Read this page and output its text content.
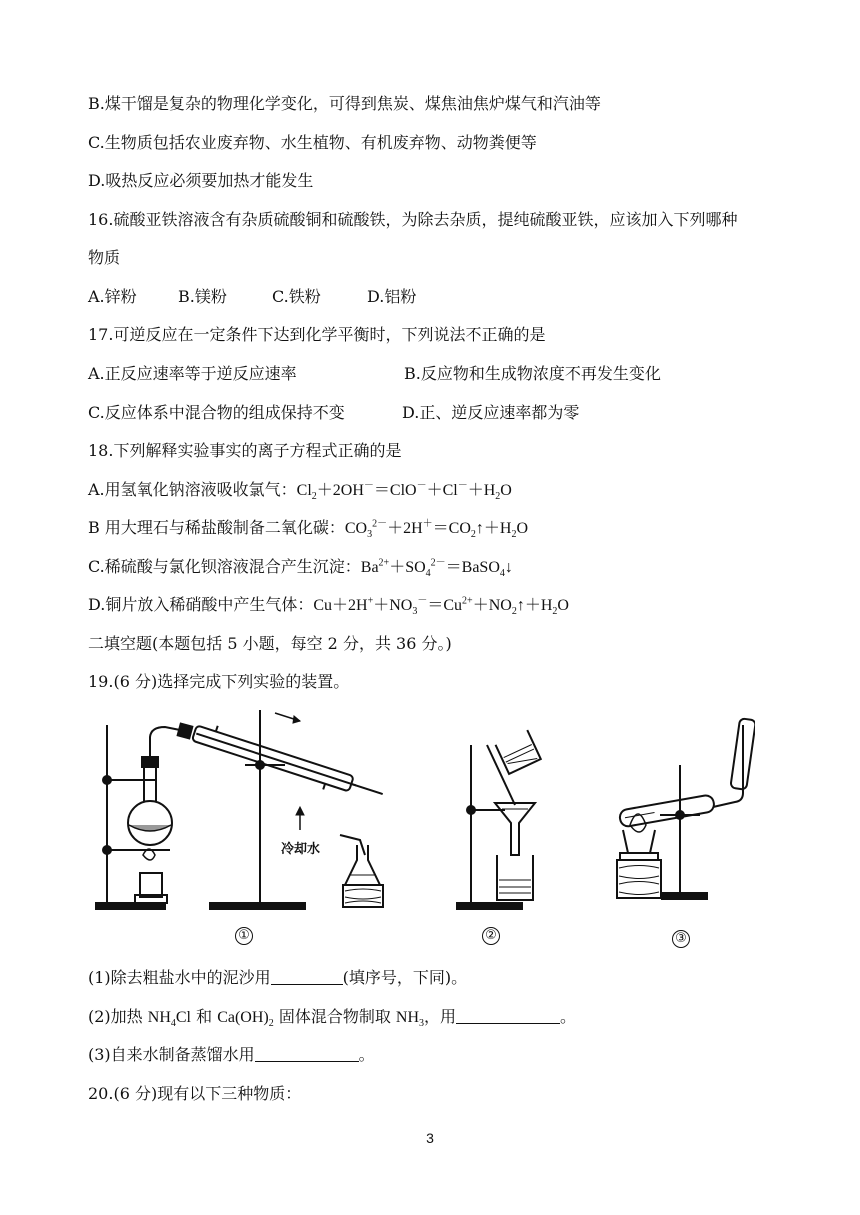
B.煤干馏是复杂的物理化学变化，可得到焦炭、煤焦油焦炉煤气和汽油等
C.生物质包括农业废弃物、水生植物、有机废弃物、动物粪便等
D.吸热反应必须要加热才能发生
16.硫酸亚铁溶液含有杂质硫酸铜和硫酸铁，为除去杂质，提纯硫酸亚铁，应该加入下列哪种
物质
A.锌粉	B.镁粉	C.铁粉	D.铝粉
17.可逆反应在一定条件下达到化学平衡时，下列说法不正确的是
A.正反应速率等于逆反应速率	B.反应物和生成物浓度不再发生变化
C.反应体系中混合物的组成保持不变	D.正、逆反应速率都为零
18.下列解释实验事实的离子方程式正确的是
A.用氢氧化钠溶液吸收氯气：$Cl_2+2OH^-=ClO^-+Cl^-+H_2O$
B 用大理石与稀盐酸制备二氧化碳：$CO_3^{2-}+2H^+=CO_2↑+H_2O$
C.稀硫酸与氯化钡溶液混合产生沉淀：$Ba^{2+}+SO_4^{2-}=BaSO_4↓$
D.铜片放入稀硝酸中产生气体：$Cu+2H^++NO_3^-=Cu^{2+}+NO_2↑+H_2O$
二填空题(本题包括 5 小题，每空 2 分，共 36 分。)
19.(6 分)选择完成下列实验的装置。
冷却水
①	②	③
(1)除去粗盐水中的泥沙用	(填序号，下同)。
(2)加热 $NH_4Cl$ 和 $Ca(OH)_2$ 固体混合物制取 $NH_3$，用	。
(3)自来水制备蒸馏水用	。
20.(6 分)现有以下三种物质：
3
